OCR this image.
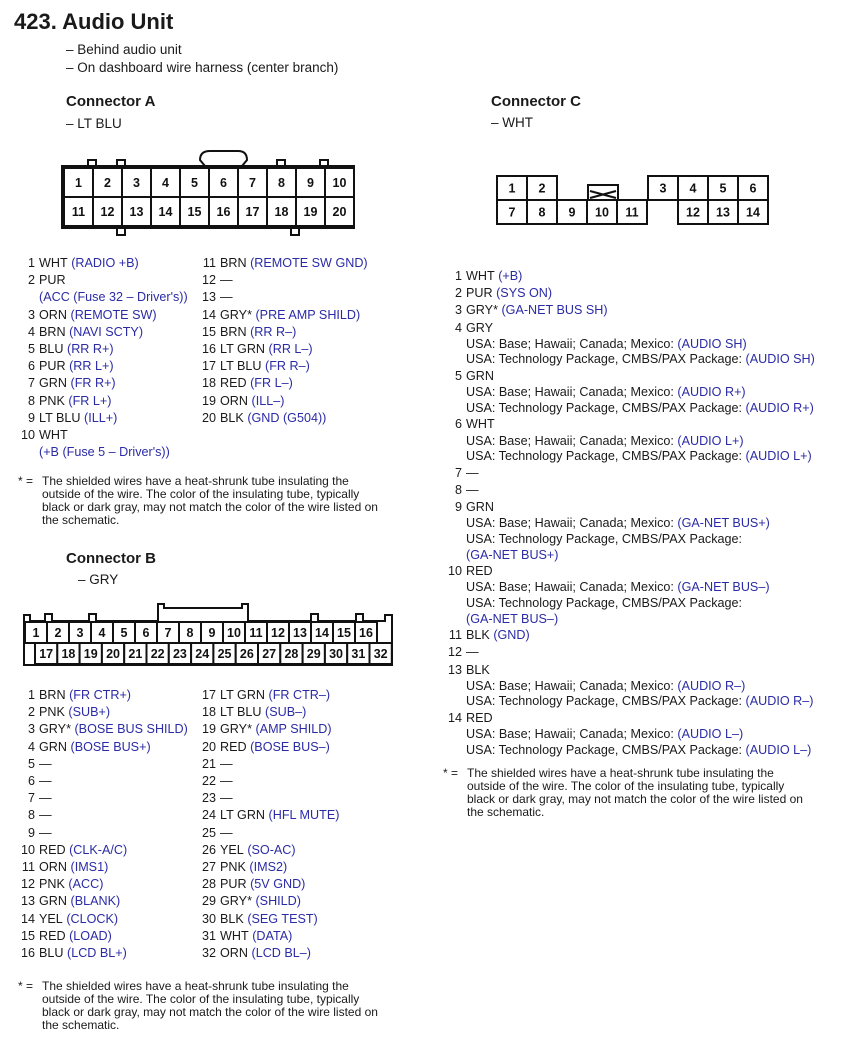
423. Audio Unit
– Behind audio unit
– On dashboard wire harness (center branch)
Connector A
– LT BLU
1
11
2
12
3
13
4
14
5
15
6
16
7
17
8
18
9
19
10
20
1 WHT
(RADIO +B)
2 PUR
(ACC (Fuse 32 – Driver's))
3 ORN
(REMOTE SW)
4 BRN
(NAVI SCTY)
5 BLU
(RR R+)
6 PUR
(RR L+)
7 GRN
(FR R+)
8 PNK
(FR L+)
9 LT BLU
(ILL+)
10 WHT
(+B (Fuse 5 – Driver's))
11 BRN
(REMOTE SW GND)
12 —
13 —
14 GRY*
(PRE AMP SHILD)
15 BRN
(RR R–)
16 LT GRN
(RR L–)
17 LT BLU
(FR R–)
18 RED
(FR L–)
19 ORN
(ILL–)
20 BLK
(GND (G504))
* = The shielded wires have a heat-shrunk tube insulating the outside of the wire. The color of the insulating tube, typically black or dark gray, may not match the color of the wire listed on the schematic.
Connector B
– GRY
1
17
2
18
3
19
4
20
5
21
6
22
7
23
8
24
9
25
10
26
11
27
12
28
13
29
14
30
15
31
16
32
1 BRN
(FR CTR+)
2 PNK
(SUB+)
3 GRY*
(BOSE BUS SHILD)
4 GRN
(BOSE BUS+)
5 —
6 —
7 —
8 —
9 —
10 RED
(CLK-A/C)
11 ORN
(IMS1)
12 PNK
(ACC)
13 GRN
(BLANK)
14 YEL
(CLOCK)
15 RED
(LOAD)
16 BLU
(LCD BL+)
17 LT GRN
(FR CTR–)
18 LT BLU
(SUB–)
19 GRY*
(AMP SHILD)
20 RED
(BOSE BUS–)
21 —
22 —
23 —
24 LT GRN
(HFL MUTE)
25 —
26 YEL
(SO-AC)
27 PNK
(IMS2)
28 PUR
(5V GND)
29 GRY*
(SHILD)
30 BLK
(SEG TEST)
31 WHT
(DATA)
32 ORN
(LCD BL–)
* = The shielded wires have a heat-shrunk tube insulating the outside of the wire. The color of the insulating tube, typically black or dark gray, may not match the color of the wire listed on the schematic.
Connector C
– WHT
1 2	3 4 5 6
7 8 9 10 11	12 13 14
1 WHT
(+B)
2 PUR
(SYS ON)
3 GRY*
(GA-NET BUS SH)
4 GRY
USA: Base; Hawaii; Canada; Mexico: (AUDIO SH)
USA: Technology Package, CMBS/PAX Package: (AUDIO SH)
5 GRN
USA: Base; Hawaii; Canada; Mexico: (AUDIO R+)
USA: Technology Package, CMBS/PAX Package: (AUDIO R+)
6 WHT
USA: Base; Hawaii; Canada; Mexico: (AUDIO L+)
USA: Technology Package, CMBS/PAX Package: (AUDIO L+)
7 —
8 —
9 GRN
USA: Base; Hawaii; Canada; Mexico: (GA-NET BUS+)
USA: Technology Package, CMBS/PAX Package:
(GA-NET BUS+)
10 RED
USA: Base; Hawaii; Canada; Mexico: (GA-NET BUS–)
USA: Technology Package, CMBS/PAX Package:
(GA-NET BUS–)
11 BLK
(GND)
12 —
13 BLK
USA: Base; Hawaii; Canada; Mexico: (AUDIO R–)
USA: Technology Package, CMBS/PAX Package: (AUDIO R–)
14 RED
USA: Base; Hawaii; Canada; Mexico: (AUDIO L–)
USA: Technology Package, CMBS/PAX Package: (AUDIO L–)
* = The shielded wires have a heat-shrunk tube insulating the outside of the wire. The color of the insulating tube, typically black or dark gray, may not match the color of the wire listed on the schematic.
